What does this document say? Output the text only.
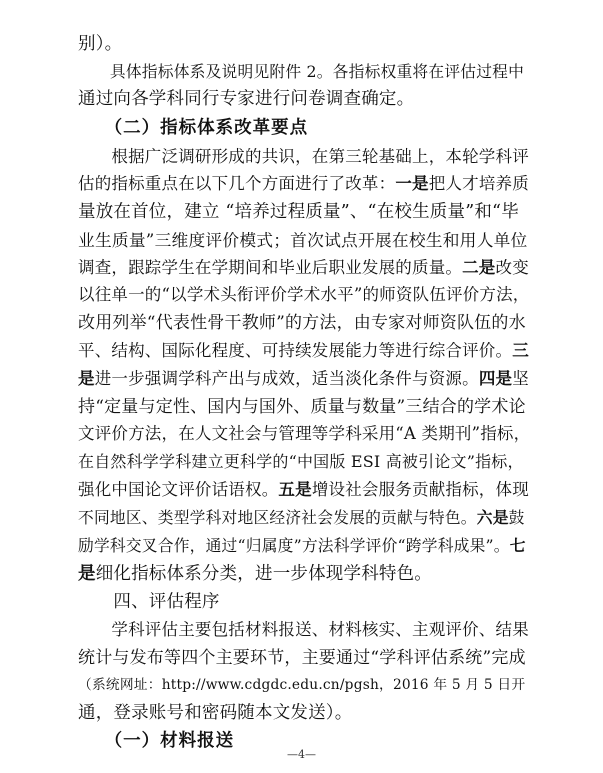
别）。
　　具体指标体系及说明见附件 2。各指标权重将在评估过程中
通过向各学科同行专家进行问卷调查确定。
　　（二）指标体系改革要点
　　根据广泛调研形成的共识，在第三轮基础上，本轮学科评
估的指标重点在以下几个方面进行了改革：一是把人才培养质
量放在首位，建立 “培养过程质量”、“在校生质量”和“毕
业生质量”三维度评价模式；首次试点开展在校生和用人单位
调查，跟踪学生在学期间和毕业后职业发展的质量。二是改变
以往单一的“以学术头衔评价学术水平”的师资队伍评价方法，
改用列举“代表性骨干教师”的方法，由专家对师资队伍的水
平、结构、国际化程度、可持续发展能力等进行综合评价。三
是进一步强调学科产出与成效，适当淡化条件与资源。四是坚
持“定量与定性、国内与国外、质量与数量”三结合的学术论
文评价方法，在人文社会与管理等学科采用“A 类期刊”指标，
在自然科学学科建立更科学的“中国版 ESI 高被引论文”指标，
强化中国论文评价话语权。五是增设社会服务贡献指标，体现
不同地区、类型学科对地区经济社会发展的贡献与特色。六是鼓
励学科交叉合作，通过“归属度”方法科学评价“跨学科成果”。七
是细化指标体系分类，进一步体现学科特色。
　　四、评估程序
　　学科评估主要包括材料报送、材料核实、主观评价、结果
统计与发布等四个主要环节，主要通过“学科评估系统”完成
（系统网址：http://www.cdgdc.edu.cn/pgsh，2016 年 5 月 5 日开
通，登录账号和密码随本文发送）。
　　（一）材料报送
—4—
